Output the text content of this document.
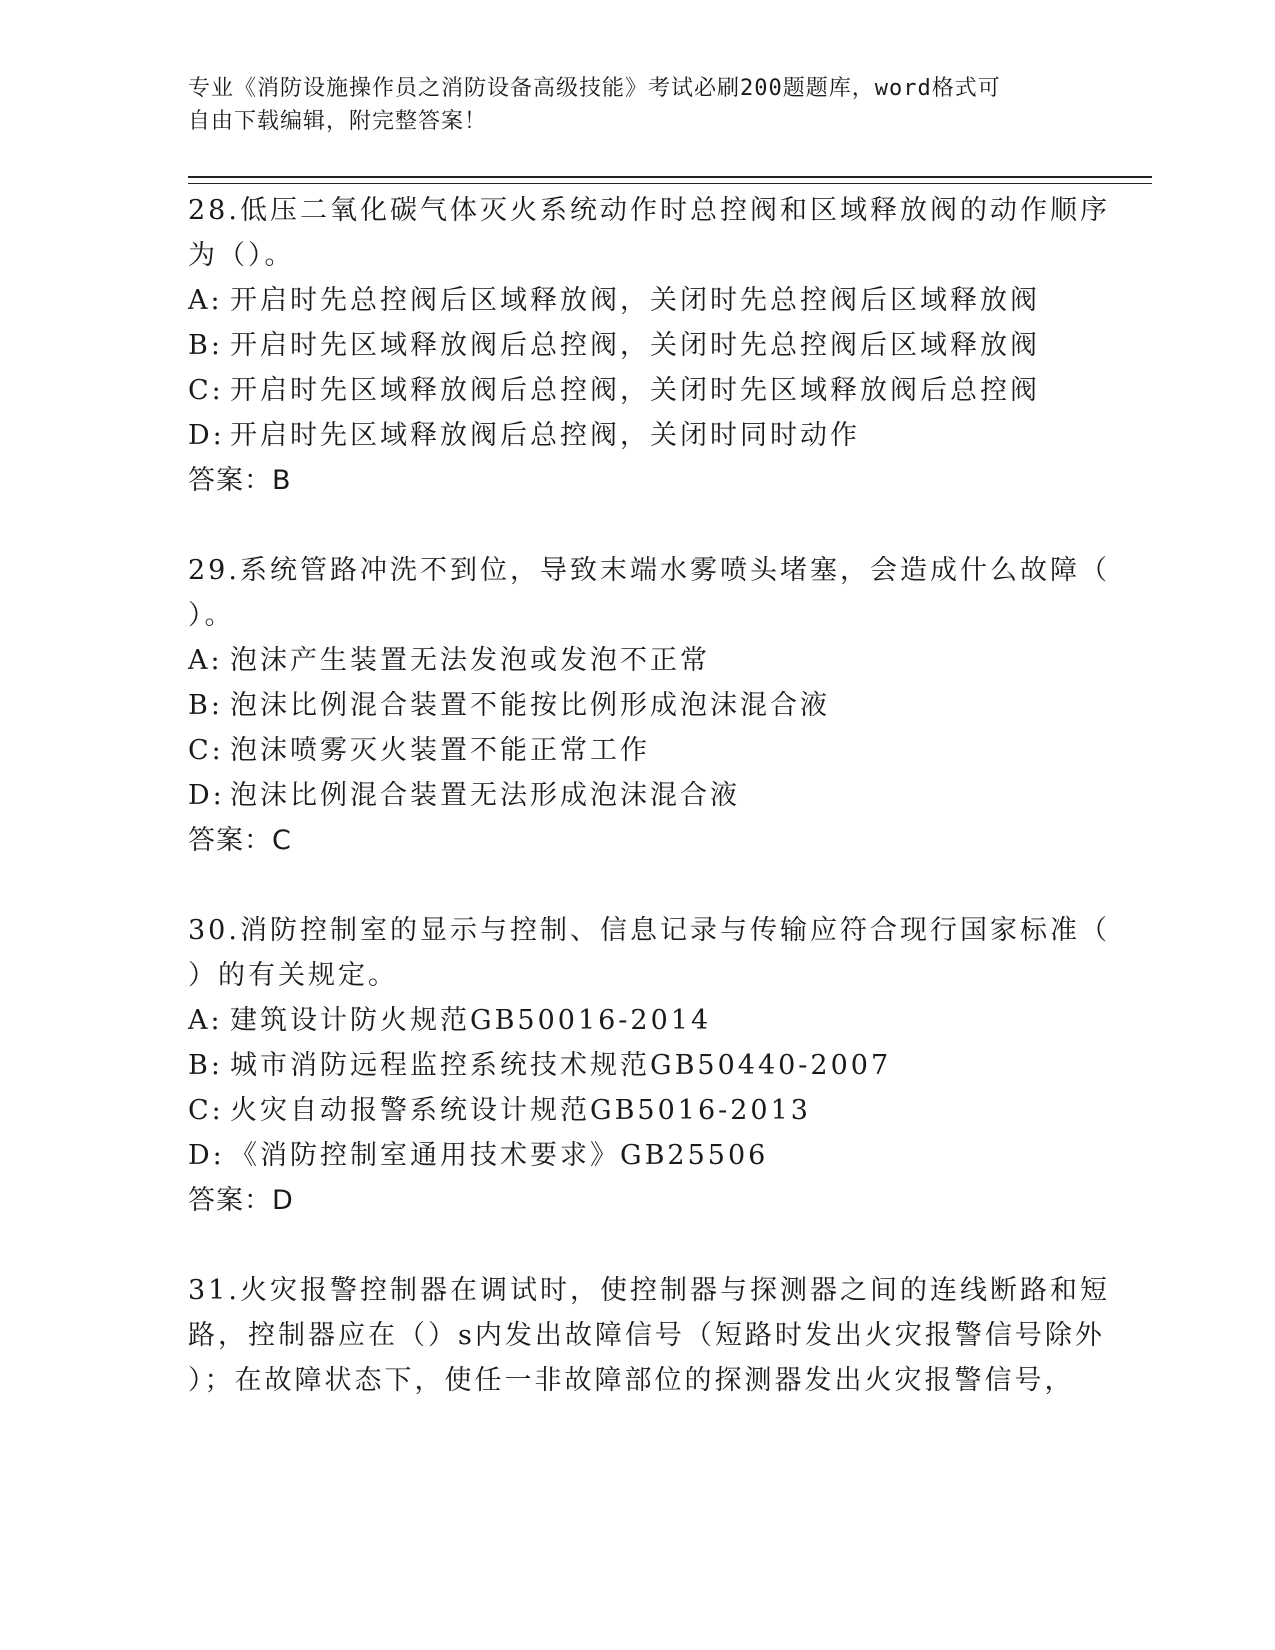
专业《消防设施操作员之消防设备高级技能》考试必刷200题题库，word格式可
自由下载编辑，附完整答案！
28.低压二氧化碳气体灭火系统动作时总控阀和区域释放阀的动作顺序
为（）。
A: 开启时先总控阀后区域释放阀，关闭时先总控阀后区域释放阀
B: 开启时先区域释放阀后总控阀，关闭时先总控阀后区域释放阀
C: 开启时先区域释放阀后总控阀，关闭时先区域释放阀后总控阀
D: 开启时先区域释放阀后总控阀，关闭时同时动作
答案：B
29.系统管路冲洗不到位，导致末端水雾喷头堵塞，会造成什么故障（
）。
A: 泡沫产生装置无法发泡或发泡不正常
B: 泡沫比例混合装置不能按比例形成泡沫混合液
C: 泡沫喷雾灭火装置不能正常工作
D: 泡沫比例混合装置无法形成泡沫混合液
答案：C
30.消防控制室的显示与控制、信息记录与传输应符合现行国家标准（
）的有关规定。
A: 建筑设计防火规范GB50016-2014
B: 城市消防远程监控系统技术规范GB50440-2007
C: 火灾自动报警系统设计规范GB5016-2013
D: 《消防控制室通用技术要求》GB25506
答案：D
31.火灾报警控制器在调试时，使控制器与探测器之间的连线断路和短
路，控制器应在（）s内发出故障信号（短路时发出火灾报警信号除外
）；在故障状态下，使任一非故障部位的探测器发出火灾报警信号，
